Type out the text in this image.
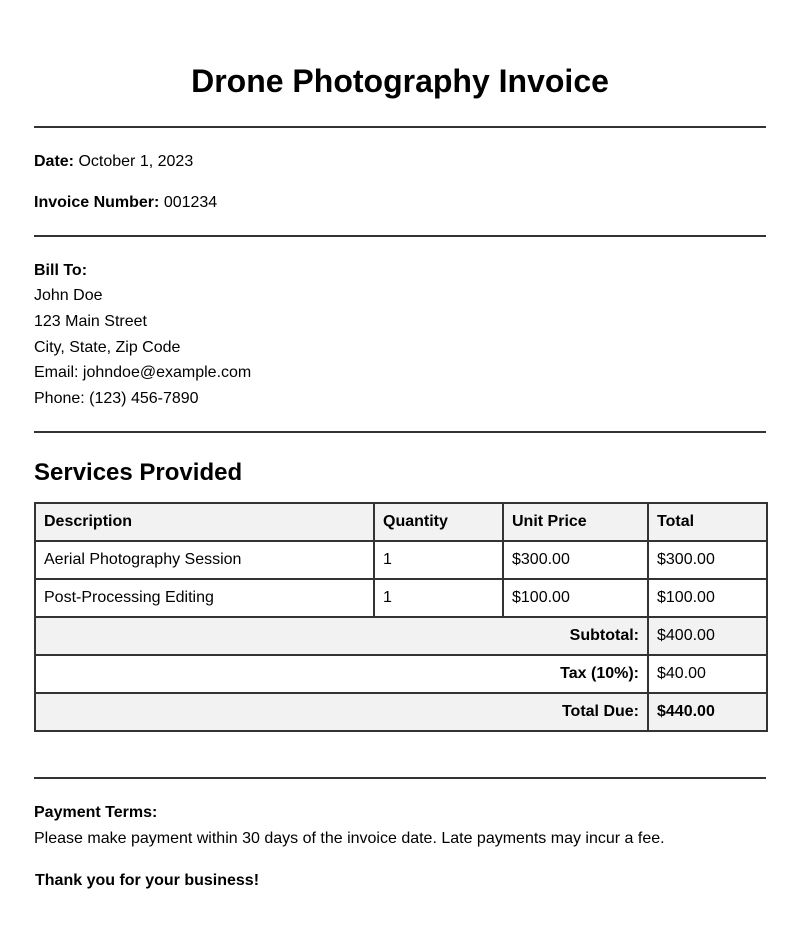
Drone Photography Invoice
Date: October 1, 2023
Invoice Number: 001234
Bill To:
John Doe
123 Main Street
City, State, Zip Code
Email: johndoe@example.com
Phone: (123) 456-7890
Services Provided
Description	Quantity	Unit Price	Total
Aerial Photography Session	1	$300.00	$300.00
Post-Processing Editing	1	$100.00	$100.00
Subtotal:			$400.00
Tax (10%):			$40.00
Total Due:			$440.00
Payment Terms:
Please make payment within 30 days of the invoice date. Late payments may incur a fee.
Thank you for your business!
